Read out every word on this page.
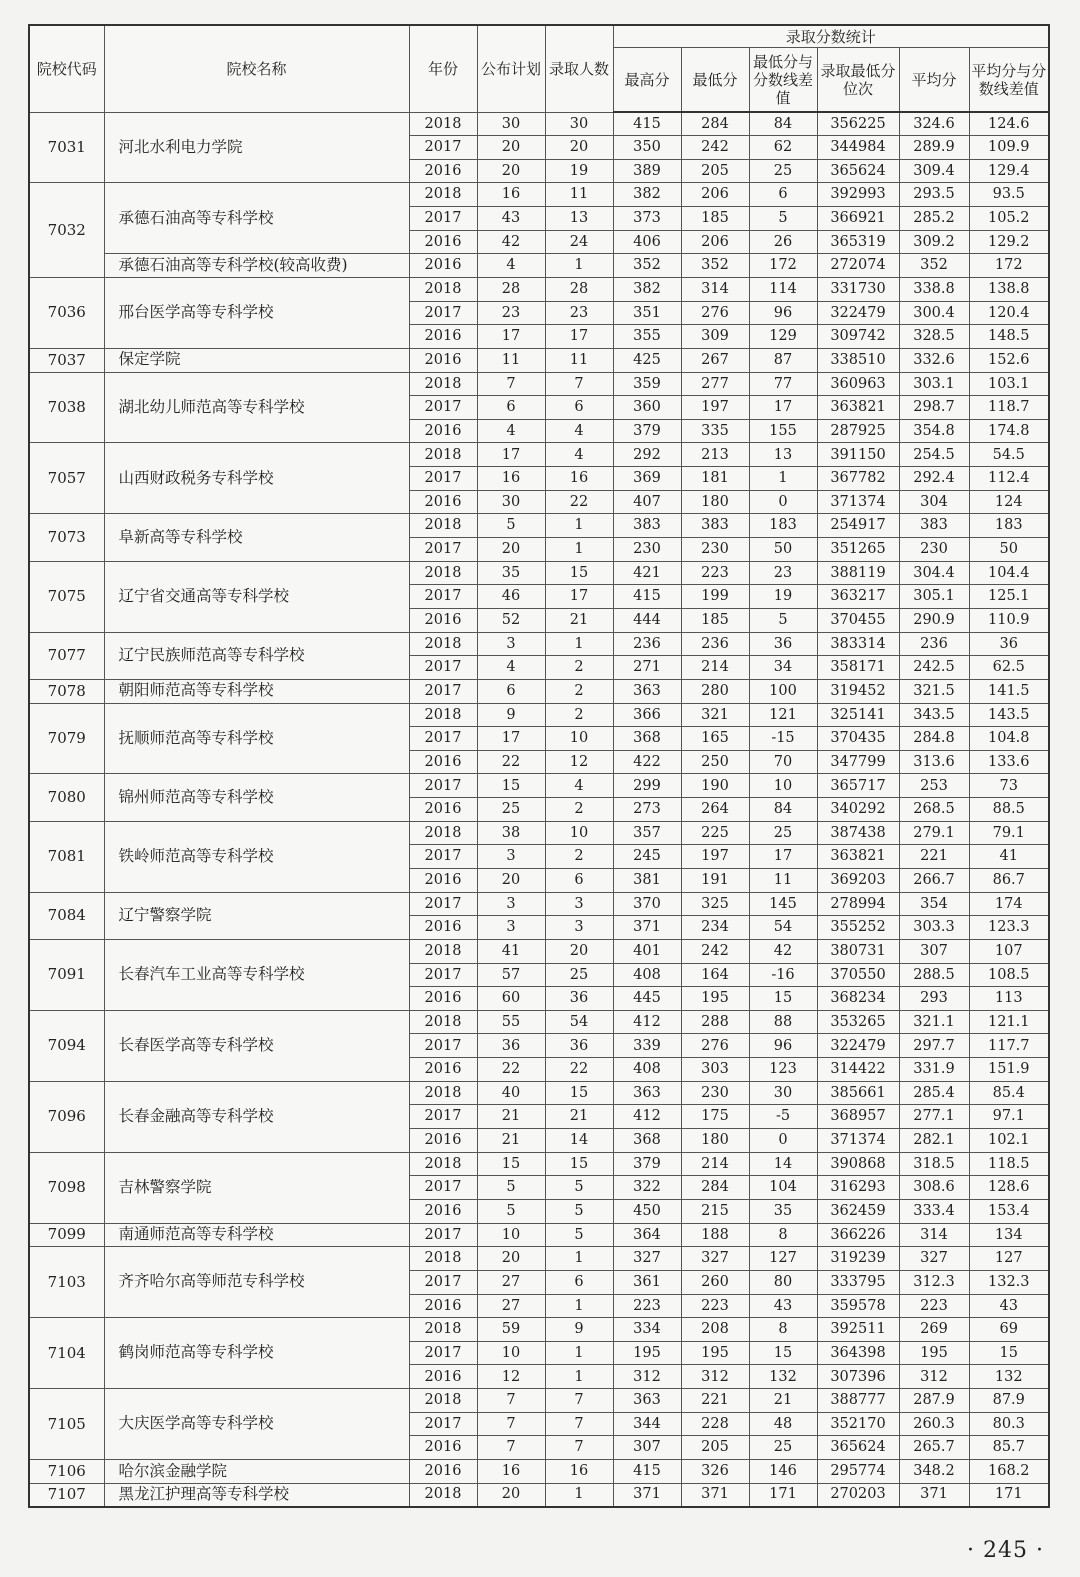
院校代码	院校名称	年份	公布计划	录取人数	录取分数统计					
					最高分	最低分	最低分与分数线差值	录取最低分位次	平均分	平均分与分数线差值
7031	河北水利电力学院	2018	30	30	415	284	84	356225	324.6	124.6
		2017	20	20	350	242	62	344984	289.9	109.9
		2016	20	19	389	205	25	365624	309.4	129.4
7032	承德石油高等专科学校	2018	16	11	382	206	6	392993	293.5	93.5
		2017	43	13	373	185	5	366921	285.2	105.2
		2016	42	24	406	206	26	365319	309.2	129.2
	承德石油高等专科学校(较高收费)	2016	4	1	352	352	172	272074	352	172
7036	邢台医学高等专科学校	2018	28	28	382	314	114	331730	338.8	138.8
		2017	23	23	351	276	96	322479	300.4	120.4
		2016	17	17	355	309	129	309742	328.5	148.5
7037	保定学院	2016	11	11	425	267	87	338510	332.6	152.6
7038	湖北幼儿师范高等专科学校	2018	7	7	359	277	77	360963	303.1	103.1
		2017	6	6	360	197	17	363821	298.7	118.7
		2016	4	4	379	335	155	287925	354.8	174.8
7057	山西财政税务专科学校	2018	17	4	292	213	13	391150	254.5	54.5
		2017	16	16	369	181	1	367782	292.4	112.4
		2016	30	22	407	180	0	371374	304	124
7073	阜新高等专科学校	2018	5	1	383	383	183	254917	383	183
		2017	20	1	230	230	50	351265	230	50
7075	辽宁省交通高等专科学校	2018	35	15	421	223	23	388119	304.4	104.4
		2017	46	17	415	199	19	363217	305.1	125.1
		2016	52	21	444	185	5	370455	290.9	110.9
7077	辽宁民族师范高等专科学校	2018	3	1	236	236	36	383314	236	36
		2017	4	2	271	214	34	358171	242.5	62.5
7078	朝阳师范高等专科学校	2017	6	2	363	280	100	319452	321.5	141.5
7079	抚顺师范高等专科学校	2018	9	2	366	321	121	325141	343.5	143.5
		2017	17	10	368	165	-15	370435	284.8	104.8
		2016	22	12	422	250	70	347799	313.6	133.6
7080	锦州师范高等专科学校	2017	15	4	299	190	10	365717	253	73
		2016	25	2	273	264	84	340292	268.5	88.5
7081	铁岭师范高等专科学校	2018	38	10	357	225	25	387438	279.1	79.1
		2017	3	2	245	197	17	363821	221	41
		2016	20	6	381	191	11	369203	266.7	86.7
7084	辽宁警察学院	2017	3	3	370	325	145	278994	354	174
		2016	3	3	371	234	54	355252	303.3	123.3
7091	长春汽车工业高等专科学校	2018	41	20	401	242	42	380731	307	107
		2017	57	25	408	164	-16	370550	288.5	108.5
		2016	60	36	445	195	15	368234	293	113
7094	长春医学高等专科学校	2018	55	54	412	288	88	353265	321.1	121.1
		2017	36	36	339	276	96	322479	297.7	117.7
		2016	22	22	408	303	123	314422	331.9	151.9
7096	长春金融高等专科学校	2018	40	15	363	230	30	385661	285.4	85.4
		2017	21	21	412	175	-5	368957	277.1	97.1
		2016	21	14	368	180	0	371374	282.1	102.1
7098	吉林警察学院	2018	15	15	379	214	14	390868	318.5	118.5
		2017	5	5	322	284	104	316293	308.6	128.6
		2016	5	5	450	215	35	362459	333.4	153.4
7099	南通师范高等专科学校	2017	10	5	364	188	8	366226	314	134
7103	齐齐哈尔高等师范专科学校	2018	20	1	327	327	127	319239	327	127
		2017	27	6	361	260	80	333795	312.3	132.3
		2016	27	1	223	223	43	359578	223	43
7104	鹤岗师范高等专科学校	2018	59	9	334	208	8	392511	269	69
		2017	10	1	195	195	15	364398	195	15
		2016	12	1	312	312	132	307396	312	132
7105	大庆医学高等专科学校	2018	7	7	363	221	21	388777	287.9	87.9
		2017	7	7	344	228	48	352170	260.3	80.3
		2016	7	7	307	205	25	365624	265.7	85.7
7106	哈尔滨金融学院	2016	16	16	415	326	146	295774	348.2	168.2
7107	黑龙江护理高等专科学校	2018	20	1	371	371	171	270203	371	171
· 245 ·
